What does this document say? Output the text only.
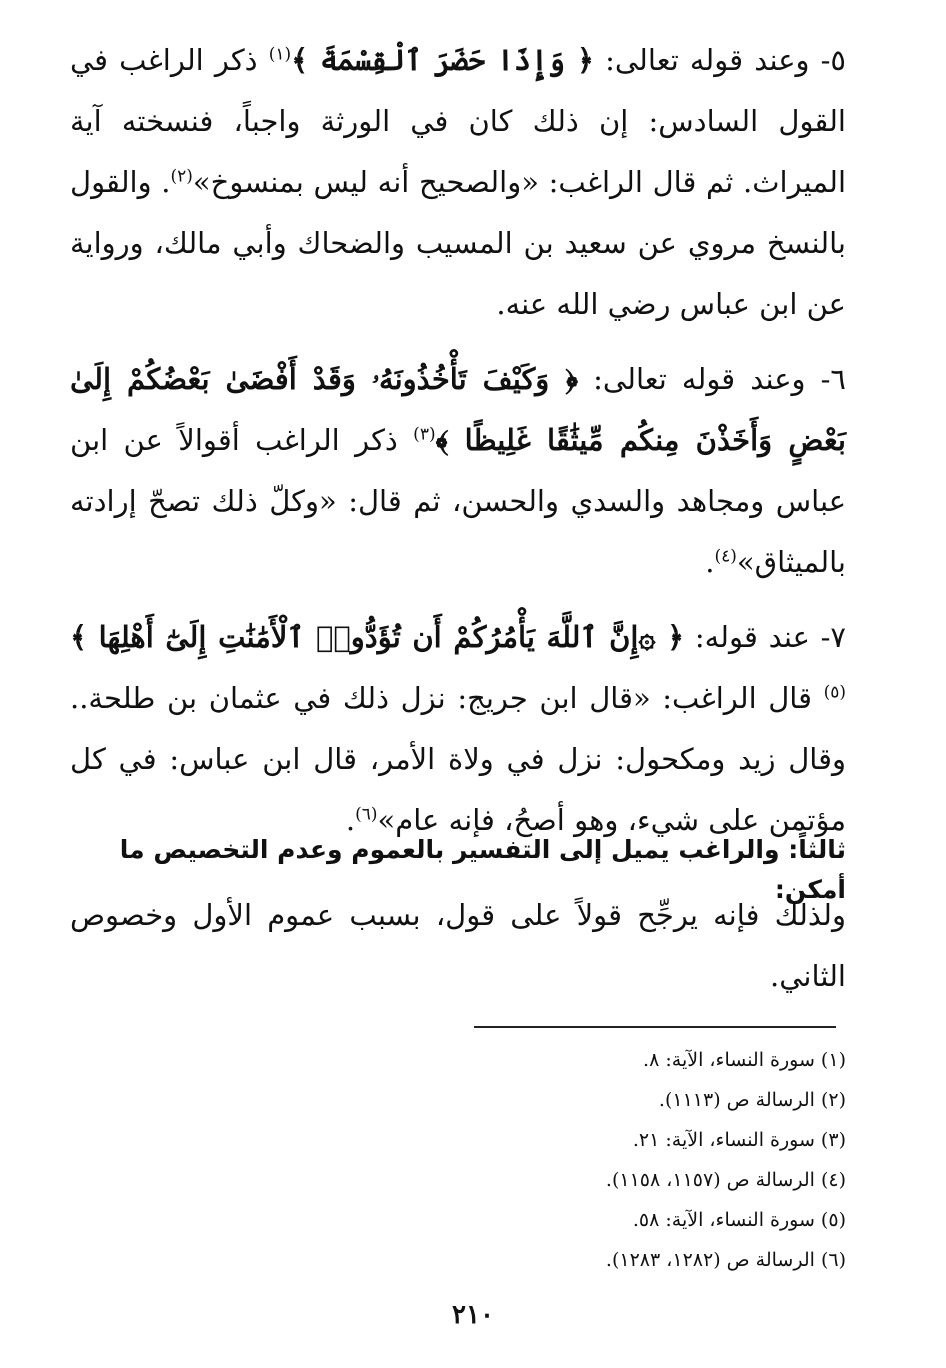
٥- وعند قوله تعالى: ﴿ وَإِذَا حَضَرَ ٱلْقِسْمَةَ ﴾$^{(١)}$ ذكر الراغب في القول السادس: إن ذلك كان في الورثة واجباً، فنسخته آية الميراث. ثم قال الراغب: «والصحيح أنه ليس بمنسوخ»$^{(٢)}$. والقول بالنسخ مروي عن سعيد بن المسيب والضحاك وأبي مالك، ورواية عن ابن عباس رضي الله عنه.

٦- وعند قوله تعالى: ﴿ وَكَيْفَ تَأْخُذُونَهُۥ وَقَدْ أَفْضَىٰ بَعْضُكُمْ إِلَىٰ بَعْضٍ وَأَخَذْنَ مِنكُم مِّيثَٰقًا غَلِيظًا ﴾$^{(٣)}$ ذكر الراغب أقوالاً عن ابن عباس ومجاهد والسدي والحسن، ثم قال: «وكلّ ذلك تصحّ إرادته بالميثاق»$^{(٤)}$.

٧- عند قوله: ﴿ ۞إِنَّ ٱللَّهَ يَأْمُرُكُمْ أَن تُؤَدُّوا۟ ٱلْأَمَٰنَٰتِ إِلَىٰٓ أَهْلِهَا ﴾$^{(٥)}$ قال الراغب: «قال ابن جريج: نزل ذلك في عثمان بن طلحة.. وقال زيد ومكحول: نزل في ولاة الأمر، قال ابن عباس: في كل مؤتمن على شيء، وهو أصحُ، فإنه عام»$^{(٦)}$.

ثالثاً: والراغب يميل إلى التفسير بالعموم وعدم التخصيص ما أمكن:
ولذلك فإنه يرجِّح قولاً على قول، بسبب عموم الأول وخصوص الثاني.
(١) سورة النساء، الآية: ٨.
(٢) الرسالة ص (١١١٣).
(٣) سورة النساء، الآية: ٢١.
(٤) الرسالة ص (١١٥٧، ١١٥٨).
(٥) سورة النساء، الآية: ٥٨.
(٦) الرسالة ص (١٢٨٢، ١٢٨٣).
٢١٠
